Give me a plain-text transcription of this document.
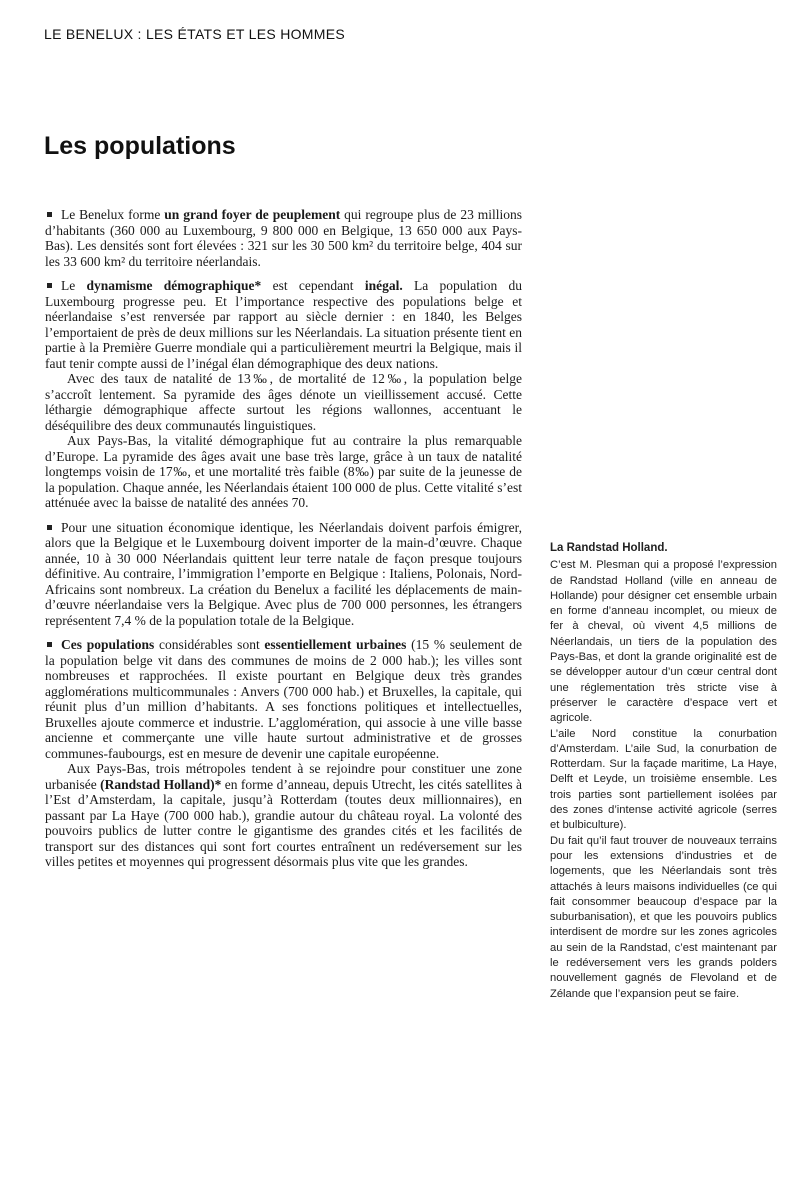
LE BENELUX : LES ÉTATS ET LES HOMMES
Les populations

Le Benelux forme un grand foyer de peuplement qui regroupe plus de 23 millions d’habitants (360 000 au Luxembourg, 9 800 000 en Belgique, 13 650 000 aux Pays-Bas). Les densités sont fort élevées : 321 sur les 30 500 km² du territoire belge, 404 sur les 33 600 km² du territoire néerlandais.

Le dynamisme démographique* est cependant inégal. La population du Luxembourg progresse peu. Et l’importance respective des populations belge et néerlandaise s’est renversée par rapport au siècle dernier : en 1840, les Belges l’emportaient de près de deux millions sur les Néerlandais. La situation présente tient en partie à la Première Guerre mondiale qui a particulièrement meurtri la Belgique, mais il faut tenir compte aussi de l’inégal élan démographique des deux nations.

Avec des taux de natalité de 13‰, de mortalité de 12‰, la population belge s’accroît lentement. Sa pyramide des âges dénote un vieillissement accusé. Cette léthargie démographique affecte surtout les régions wallonnes, accentuant le déséquilibre des deux communautés linguistiques.

Aux Pays-Bas, la vitalité démographique fut au contraire la plus remarquable d’Europe. La pyramide des âges avait une base très large, grâce à un taux de natalité longtemps voisin de 17‰, et une mortalité très faible (8‰) par suite de la jeunesse de la population. Chaque année, les Néerlandais étaient 100 000 de plus. Cette vitalité s’est atténuée avec la baisse de natalité des années 70.

Pour une situation économique identique, les Néerlandais doivent parfois émigrer, alors que la Belgique et le Luxembourg doivent importer de la main-d’œuvre. Chaque année, 10 à 30 000 Néerlandais quittent leur terre natale de façon presque toujours définitive. Au contraire, l’immigration l’emporte en Belgique : Italiens, Polonais, Nord-Africains sont nombreux. La création du Benelux a facilité les déplacements de main-d’œuvre néerlandaise vers la Belgique. Avec plus de 700 000 personnes, les étrangers représentent 7,4 % de la population totale de la Belgique.

Ces populations considérables sont essentiellement urbaines (15 % seulement de la population belge vit dans des communes de moins de 2 000 hab.); les villes sont nombreuses et rapprochées. Il existe pourtant en Belgique deux très grandes agglomérations multicommunales : Anvers (700 000 hab.) et Bruxelles, la capitale, qui réunit plus d’un million d’habitants. A ses fonctions politiques et intellectuelles, Bruxelles ajoute commerce et industrie. L’agglomération, qui associe à une ville basse ancienne et commerçante une ville haute surtout administrative et de grosses communes-faubourgs, est en mesure de devenir une capitale européenne.

Aux Pays-Bas, trois métropoles tendent à se rejoindre pour constituer une zone urbanisée (Randstad Holland)* en forme d’anneau, depuis Utrecht, les cités satellites à l’Est d’Amsterdam, la capitale, jusqu’à Rotterdam (toutes deux millionnaires), en passant par La Haye (700 000 hab.), grandie autour du château royal. La volonté des pouvoirs publics de lutter contre le gigantisme des grandes cités et les facilités de transport sur des distances qui sont fort courtes entraînent un redéversement sur les villes petites et moyennes qui progressent désormais plus vite que les grandes.

La Randstad Holland.

C’est M. Plesman qui a proposé l’expression de Randstad Holland (ville en anneau de Hollande) pour désigner cet ensemble urbain en forme d’anneau incomplet, ou mieux de fer à cheval, où vivent 4,5 millions de Néerlandais, un tiers de la population des Pays-Bas, et dont la grande originalité est de se développer autour d’un cœur central dont une réglementation très stricte vise à préserver le caractère d’espace vert et agricole.

L’aile Nord constitue la conurbation d’Amsterdam. L’aile Sud, la conurbation de Rotterdam. Sur la façade maritime, La Haye, Delft et Leyde, un troisième ensemble. Les trois parties sont partiellement isolées par des zones d’intense activité agricole (serres et bulbiculture).

Du fait qu’il faut trouver de nouveaux terrains pour les extensions d’industries et de logements, que les Néerlandais sont très attachés à leurs maisons individuelles (ce qui fait consommer beaucoup d’espace par la suburbanisation), et que les pouvoirs publics interdisent de mordre sur les zones agricoles au sein de la Randstad, c’est maintenant par le redéversement vers les grands polders nouvellement gagnés de Flevoland et de Zélande que l’expansion peut se faire.
